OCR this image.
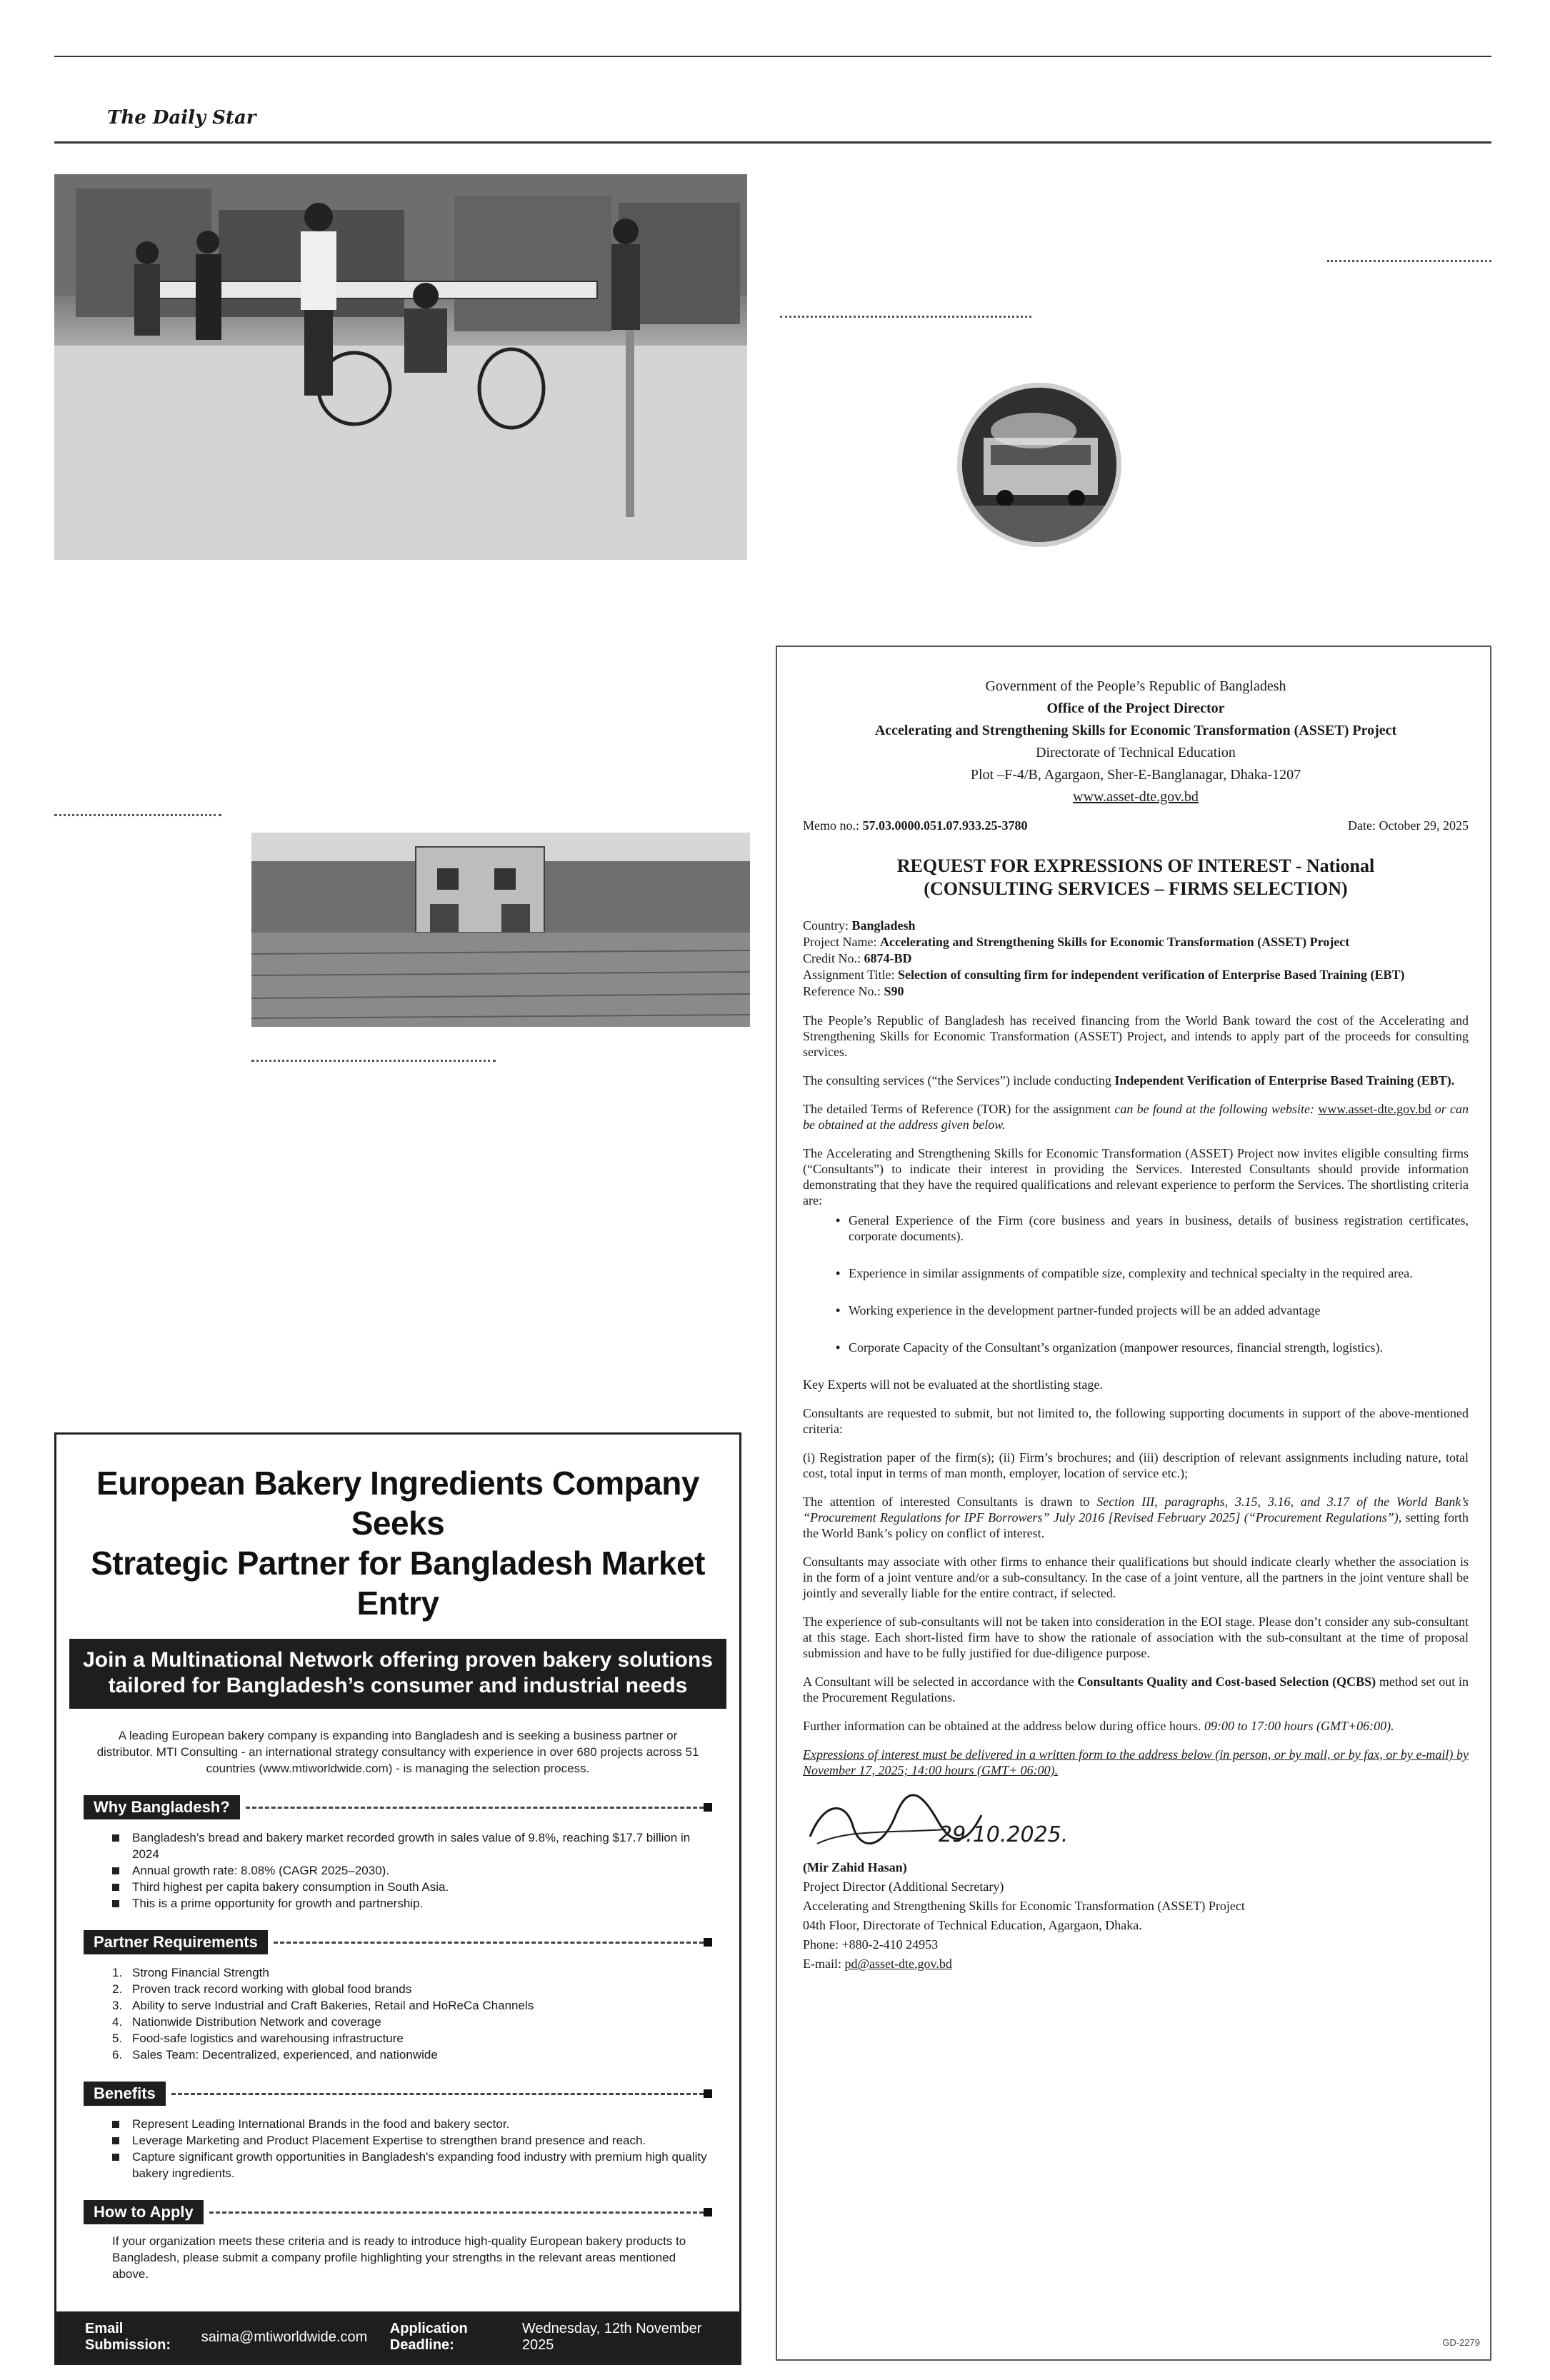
The Daily Star
European Bakery Ingredients Company Seeks
Strategic Partner for Bangladesh Market Entry
Join a Multinational Network offering proven bakery solutions
tailored for Bangladesh’s consumer and industrial needs
A leading European bakery company is expanding into Bangladesh and is seeking a business partner or distributor. MTI Consulting - an international strategy consultancy with experience in over 680 projects across 51 countries (www.mtiworldwide.com) - is managing the selection process.
Why Bangladesh?
Bangladesh’s bread and bakery market recorded growth in sales value of 9.8%, reaching $17.7 billion in 2024
Annual growth rate: 8.08% (CAGR 2025–2030).
Third highest per capita bakery consumption in South Asia.
This is a prime opportunity for growth and partnership.
Partner Requirements
1. Strong Financial Strength
2. Proven track record working with global food brands
3. Ability to serve Industrial and Craft Bakeries, Retail and HoReCa Channels
4. Nationwide Distribution Network and coverage
5. Food-safe logistics and warehousing infrastructure
6. Sales Team: Decentralized, experienced, and nationwide
Benefits
Represent Leading International Brands in the food and bakery sector.
Leverage Marketing and Product Placement Expertise to strengthen brand presence and reach.
Capture significant growth opportunities in Bangladesh's expanding food industry with premium high quality bakery ingredients.
How to Apply
If your organization meets these criteria and is ready to introduce high-quality European bakery products to Bangladesh, please submit a company profile highlighting your strengths in the relevant areas mentioned above.
Email Submission:
saima@mtiworldwide.com
Application Deadline:
Wednesday, 12th November 2025
Government of the People’s Republic of Bangladesh
Office of the Project Director
Accelerating and Strengthening Skills for Economic Transformation (ASSET) Project
Directorate of Technical Education
Plot –F-4/B, Agargaon, Sher-E-Banglanagar, Dhaka-1207
www.asset-dte.gov.bd
Memo no.: 57.03.0000.051.07.933.25-3780	Date: October 29, 2025
REQUEST FOR EXPRESSIONS OF INTEREST - National
(CONSULTING SERVICES – FIRMS SELECTION)
Country: Bangladesh
Project Name: Accelerating and Strengthening Skills for Economic Transformation (ASSET) Project
Credit No.: 6874-BD
Assignment Title: Selection of consulting firm for independent verification of Enterprise Based Training (EBT)
Reference No.: S90

The People’s Republic of Bangladesh has received financing from the World Bank toward the cost of the Accelerating and Strengthening Skills for Economic Transformation (ASSET) Project, and intends to apply part of the proceeds for consulting services.

The consulting services (“the Services”) include conducting Independent Verification of Enterprise Based Training (EBT).

The detailed Terms of Reference (TOR) for the assignment can be found at the following website: www.asset-dte.gov.bd or can be obtained at the address given below.

The Accelerating and Strengthening Skills for Economic Transformation (ASSET) Project now invites eligible consulting firms (“Consultants”) to indicate their interest in providing the Services. Interested Consultants should provide information demonstrating that they have the required qualifications and relevant experience to perform the Services. The shortlisting criteria are:

• General Experience of the Firm (core business and years in business, details of business registration certificates, corporate documents).
• Experience in similar assignments of compatible size, complexity and technical specialty in the required area.
• Working experience in the development partner-funded projects will be an added advantage
• Corporate Capacity of the Consultant’s organization (manpower resources, financial strength, logistics).

Key Experts will not be evaluated at the shortlisting stage.

Consultants are requested to submit, but not limited to, the following supporting documents in support of the above-mentioned criteria:

(i) Registration paper of the firm(s); (ii) Firm’s brochures; and (iii) description of relevant assignments including nature, total cost, total input in terms of man month, employer, location of service etc.);

The attention of interested Consultants is drawn to Section III, paragraphs, 3.15, 3.16, and 3.17 of the World Bank’s “Procurement Regulations for IPF Borrowers” July 2016 [Revised February 2025] (“Procurement Regulations”), setting forth the World Bank’s policy on conflict of interest.

Consultants may associate with other firms to enhance their qualifications but should indicate clearly whether the association is in the form of a joint venture and/or a sub-consultancy. In the case of a joint venture, all the partners in the joint venture shall be jointly and severally liable for the entire contract, if selected.

The experience of sub-consultants will not be taken into consideration in the EOI stage. Please don’t consider any sub-consultant at this stage. Each short-listed firm have to show the rationale of association with the sub-consultant at the time of proposal submission and have to be fully justified for due-diligence purpose.

A Consultant will be selected in accordance with the Consultants Quality and Cost-based Selection (QCBS) method set out in the Procurement Regulations.

Further information can be obtained at the address below during office hours. 09:00 to 17:00 hours (GMT+06:00).

Expressions of interest must be delivered in a written form to the address below (in person, or by mail, or by fax, or by e-mail) by November 17, 2025; 14:00 hours (GMT+ 06:00).

29.10.2025.
(Mir Zahid Hasan)
Project Director (Additional Secretary)
Accelerating and Strengthening Skills for Economic Transformation (ASSET) Project
04th Floor, Directorate of Technical Education, Agargaon, Dhaka.
Phone: +880-2-410 24953
E-mail: pd@asset-dte.gov.bd
GD-2279
